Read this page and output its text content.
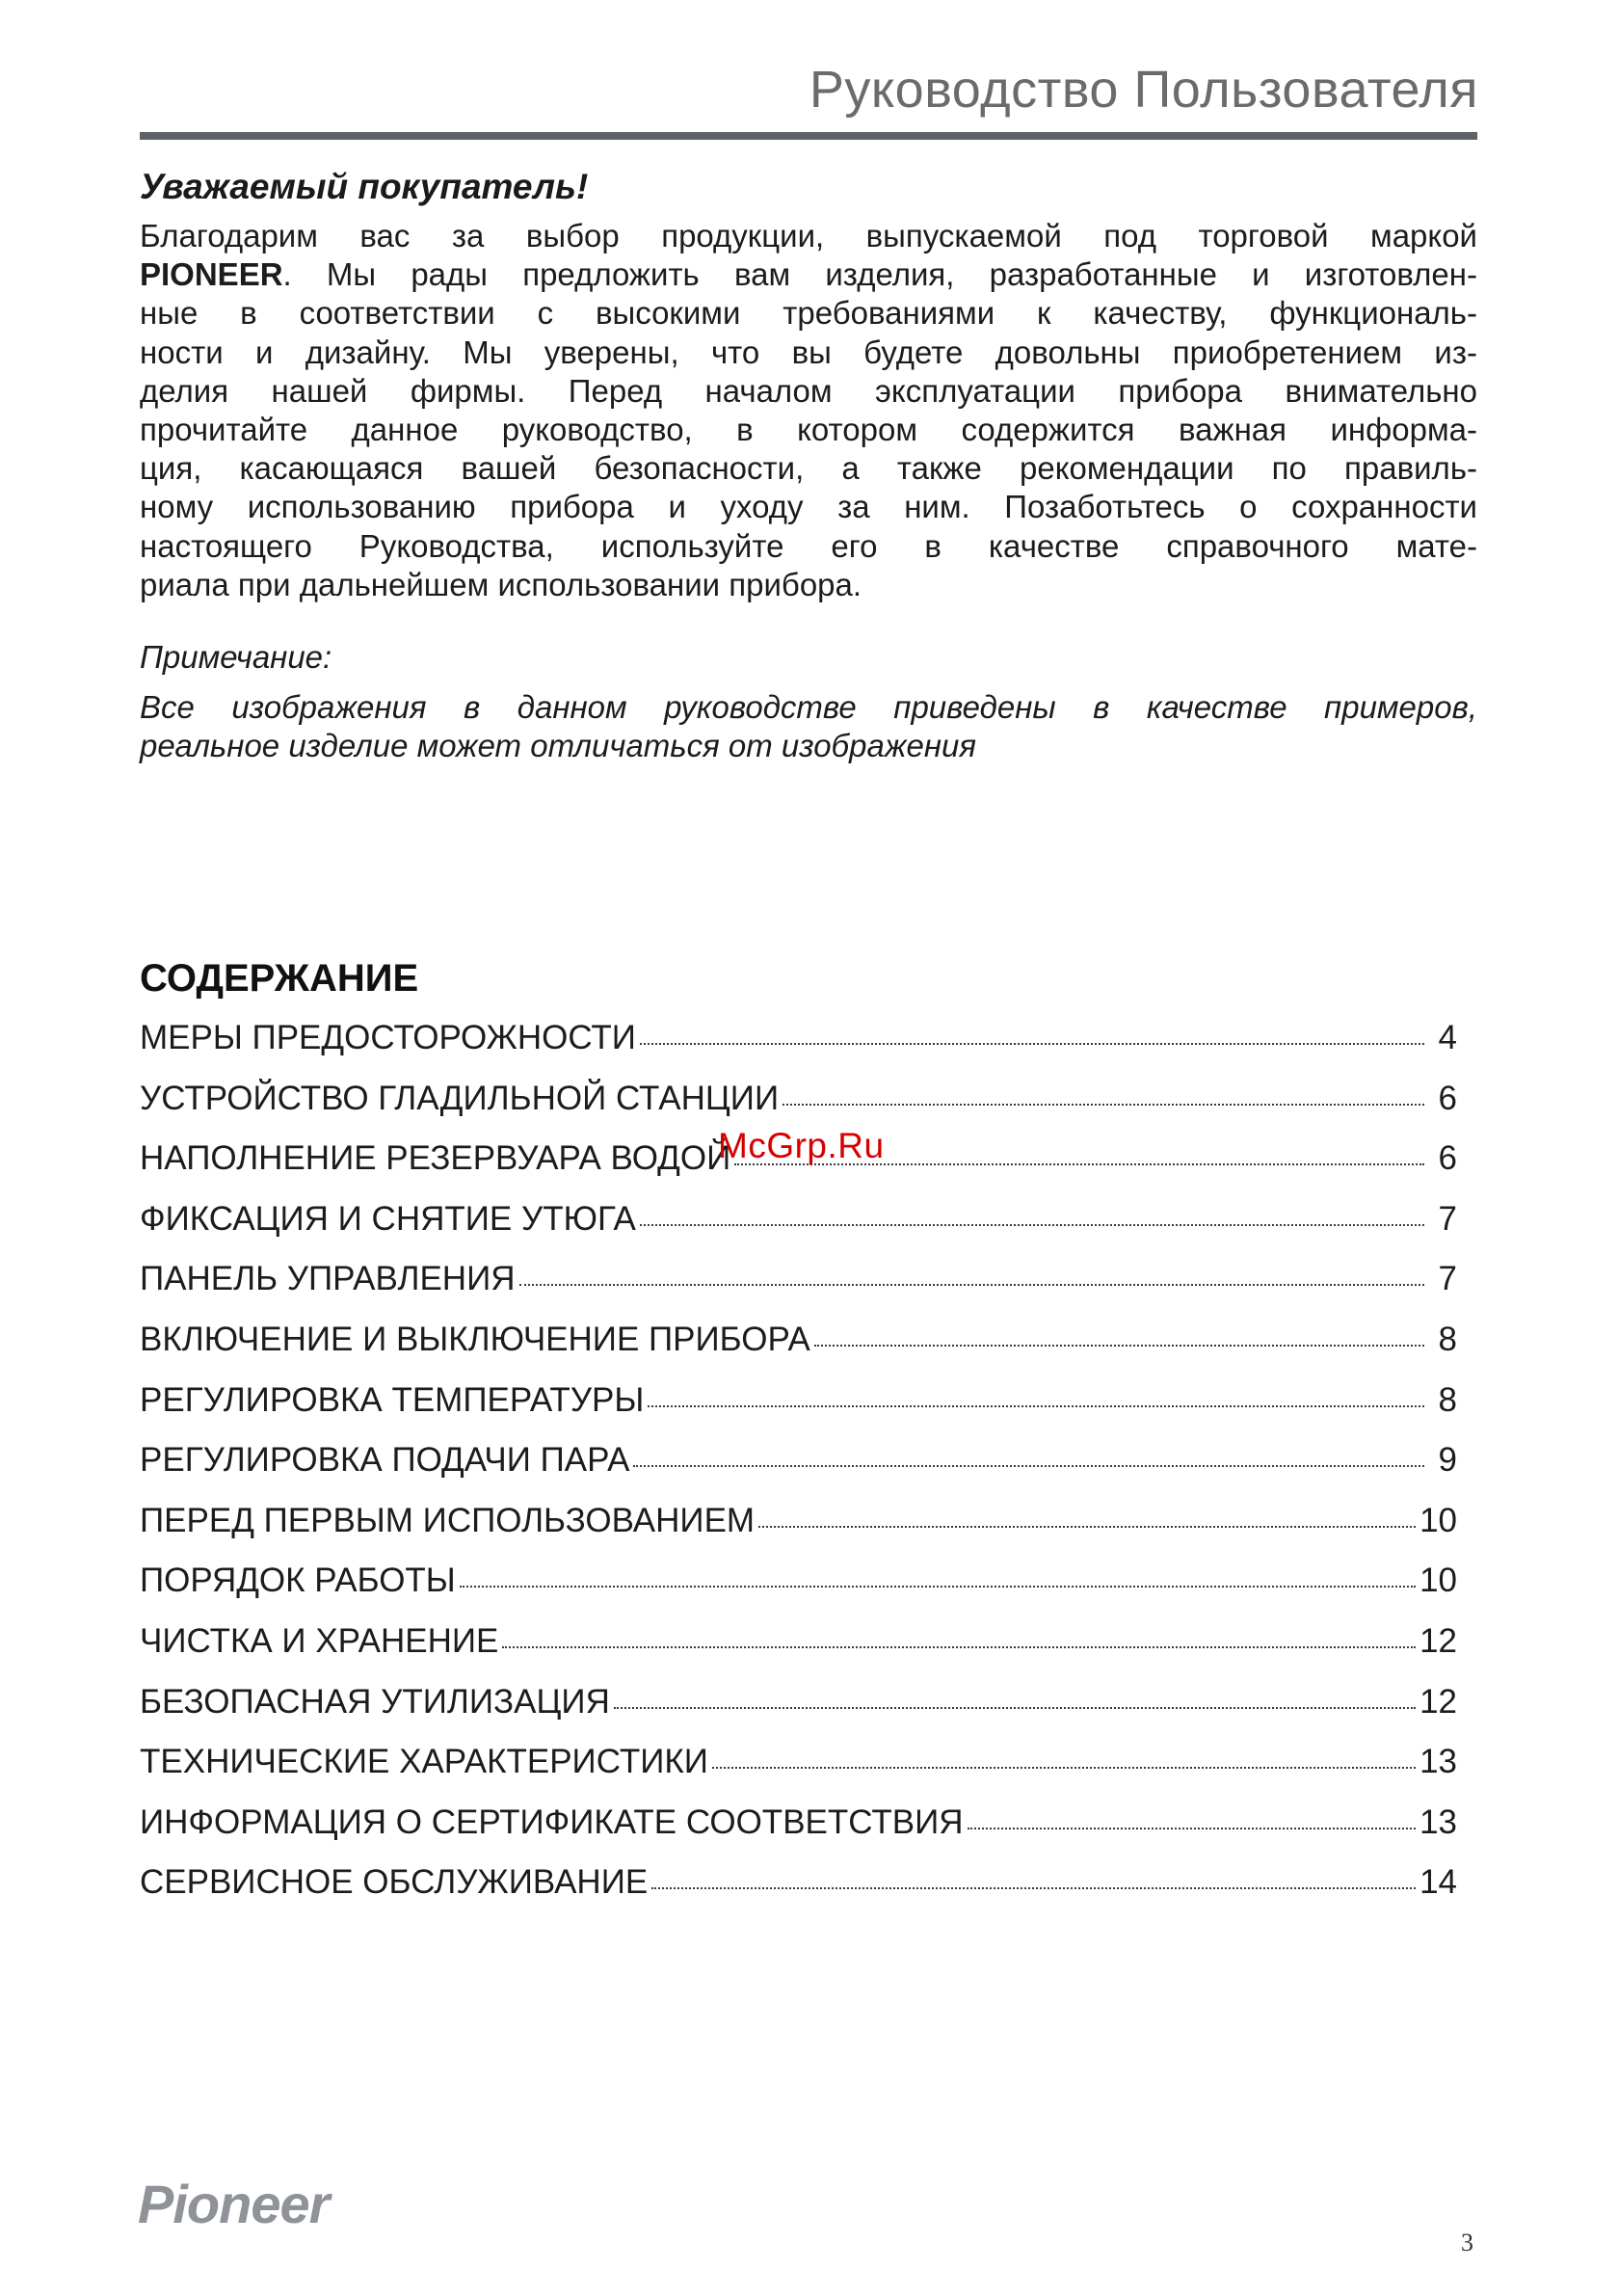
Руководство Пользователя
Уважаемый покупатель!
Благодарим вас за выбор продукции, выпускаемой под торговой маркой
PIONEER. Мы рады предложить вам изделия, разработанные и изготовлен-
ные в соответствии с высокими требованиями к качеству, функциональ-
ности и дизайну. Мы уверены, что вы будете довольны приобретением из-
делия нашей фирмы. Перед началом эксплуатации прибора внимательно
прочитайте данное руководство, в котором содержится важная информа-
ция, касающаяся вашей безопасности, а также рекомендации по правиль-
ному использованию прибора и уходу за ним. Позаботьтесь о сохранности
настоящего Руководства, используйте его в качестве справочного мате-
риала при дальнейшем использовании прибора.
Примечание:
Все изображения в данном руководстве приведены в качестве примеров,
реальное изделие может отличаться от изображения
СОДЕРЖАНИЕ
МЕРЫ ПРЕДОСТОРОЖНОСТИ	4
УСТРОЙСТВО ГЛАДИЛЬНОЙ СТАНЦИИ	6
НАПОЛНЕНИЕ РЕЗЕРВУАРА ВОДОЙ	6
ФИКСАЦИЯ И СНЯТИЕ УТЮГА	7
ПАНЕЛЬ УПРАВЛЕНИЯ	7
ВКЛЮЧЕНИЕ И ВЫКЛЮЧЕНИЕ ПРИБОРА	8
РЕГУЛИРОВКА ТЕМПЕРАТУРЫ	8
РЕГУЛИРОВКА ПОДАЧИ ПАРА	9
ПЕРЕД ПЕРВЫМ ИСПОЛЬЗОВАНИЕМ	10
ПОРЯДОК РАБОТЫ	10
ЧИСТКА И ХРАНЕНИЕ	12
БЕЗОПАСНАЯ УТИЛИЗАЦИЯ	12
ТЕХНИЧЕСКИЕ ХАРАКТЕРИСТИКИ	13
ИНФОРМАЦИЯ О СЕРТИФИКАТЕ СООТВЕТСТВИЯ	13
СЕРВИСНОЕ ОБСЛУЖИВАНИЕ	14
McGrp.Ru
Pioneer
3
